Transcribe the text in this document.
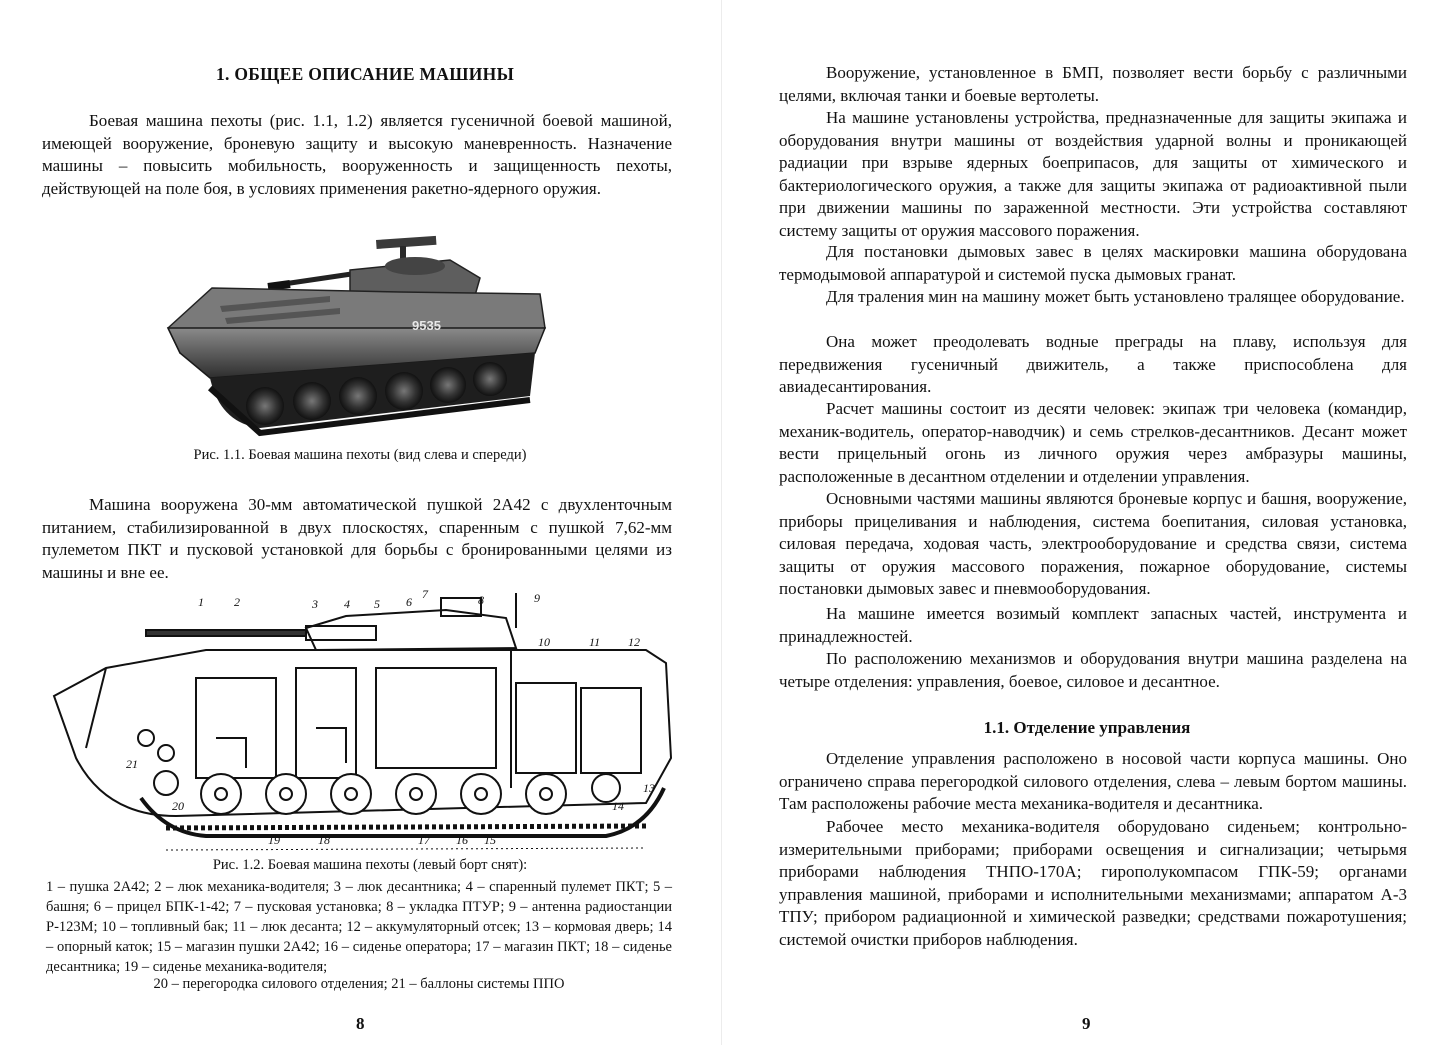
1. ОБЩЕЕ ОПИСАНИЕ МАШИНЫ

Боевая машина пехоты (рис. 1.1, 1.2) является гусеничной боевой машиной, имеющей вооружение, броневую защиту и высокую маневренность. Назначение машины – повысить мобильность, вооруженность и защищенность пехоты, действующей на поле боя, в условиях применения ракетно-ядерного оружия.

9535

Рис. 1.1. Боевая машина пехоты (вид слева и спереди)

Машина вооружена 30-мм автоматической пушкой 2А42 с двухленточным питанием, стабилизированной в двух плоскостях, спаренным с пушкой 7,62-мм пулеметом ПКТ и пусковой установкой для борьбы с бронированными целями из машины и вне ее.

1	2	3 4 5 6
7	8	9
10	11 12
13
14
15
16
17
18
19
20
21

Рис. 1.2. Боевая машина пехоты (левый борт снят):

1 – пушка 2А42; 2 – люк механика-водителя; 3 – люк десантника; 4 – спаренный пулемет ПКТ; 5 – башня; 6 – прицел БПК-1-42; 7 – пусковая установка; 8 – укладка ПТУР; 9 – антенна радиостанции Р-123М; 10 – топливный бак; 11 – люк десанта; 12 – аккумуляторный отсек; 13 – кормовая дверь; 14 – опорный каток; 15 – магазин пушки 2А42; 16 – сиденье оператора; 17 – магазин ПКТ; 18 – сиденье десантника; 19 – сиденье механика-водителя;

20 – перегородка силового отделения; 21 – баллоны системы ППО

8

Вооружение, установленное в БМП, позволяет вести борьбу с различными целями, включая танки и боевые вертолеты.

На машине установлены устройства, предназначенные для защиты экипажа и оборудования внутри машины от воздействия ударной волны и проникающей радиации при взрыве ядерных боеприпасов, для защиты от химического и бактериологического оружия, а также для защиты экипажа от радиоактивной пыли при движении машины по зараженной местности. Эти устройства составляют систему защиты от оружия массового поражения.

Для постановки дымовых завес в целях маскировки машина оборудована термодымовой аппаратурой и системой пуска дымовых гранат.

Для траления мин на машину может быть установлено тралящее оборудование.

Она может преодолевать водные преграды на плаву, используя для передвижения гусеничный движитель, а также приспособлена для авиадесантирования.

Расчет машины состоит из десяти человек: экипаж три человека (командир, механик-водитель, оператор-наводчик) и семь стрелков-десантников. Десант может вести прицельный огонь из личного оружия через амбразуры машины, расположенные в десантном отделении и отделении управления.

Основными частями машины являются броневые корпус и башня, вооружение, приборы прицеливания и наблюдения, система боепитания, силовая установка, силовая передача, ходовая часть, электрооборудование и средства связи, система защиты от оружия массового поражения, пожарное оборудование, системы постановки дымовых завес и пневмооборудования.

На машине имеется возимый комплект запасных частей, инструмента и принадлежностей.

По расположению механизмов и оборудования внутри машина разделена на четыре отделения: управления, боевое, силовое и десантное.

1.1. Отделение управления

Отделение управления расположено в носовой части корпуса машины. Оно ограничено справа перегородкой силового отделения, слева – левым бортом машины. Там расположены рабочие места механика-водителя и десантника.

Рабочее место механика-водителя оборудовано сиденьем; контрольно-измерительными приборами; приборами освещения и сигнализации; четырьмя приборами наблюдения ТНПО-170А; гирополукомпасом ГПК-59; органами управления машиной, приборами и исполнительными механизмами; аппаратом А-3 ТПУ; прибором радиационной и химической разведки; средствами пожаротушения; системой очистки приборов наблюдения.

9
